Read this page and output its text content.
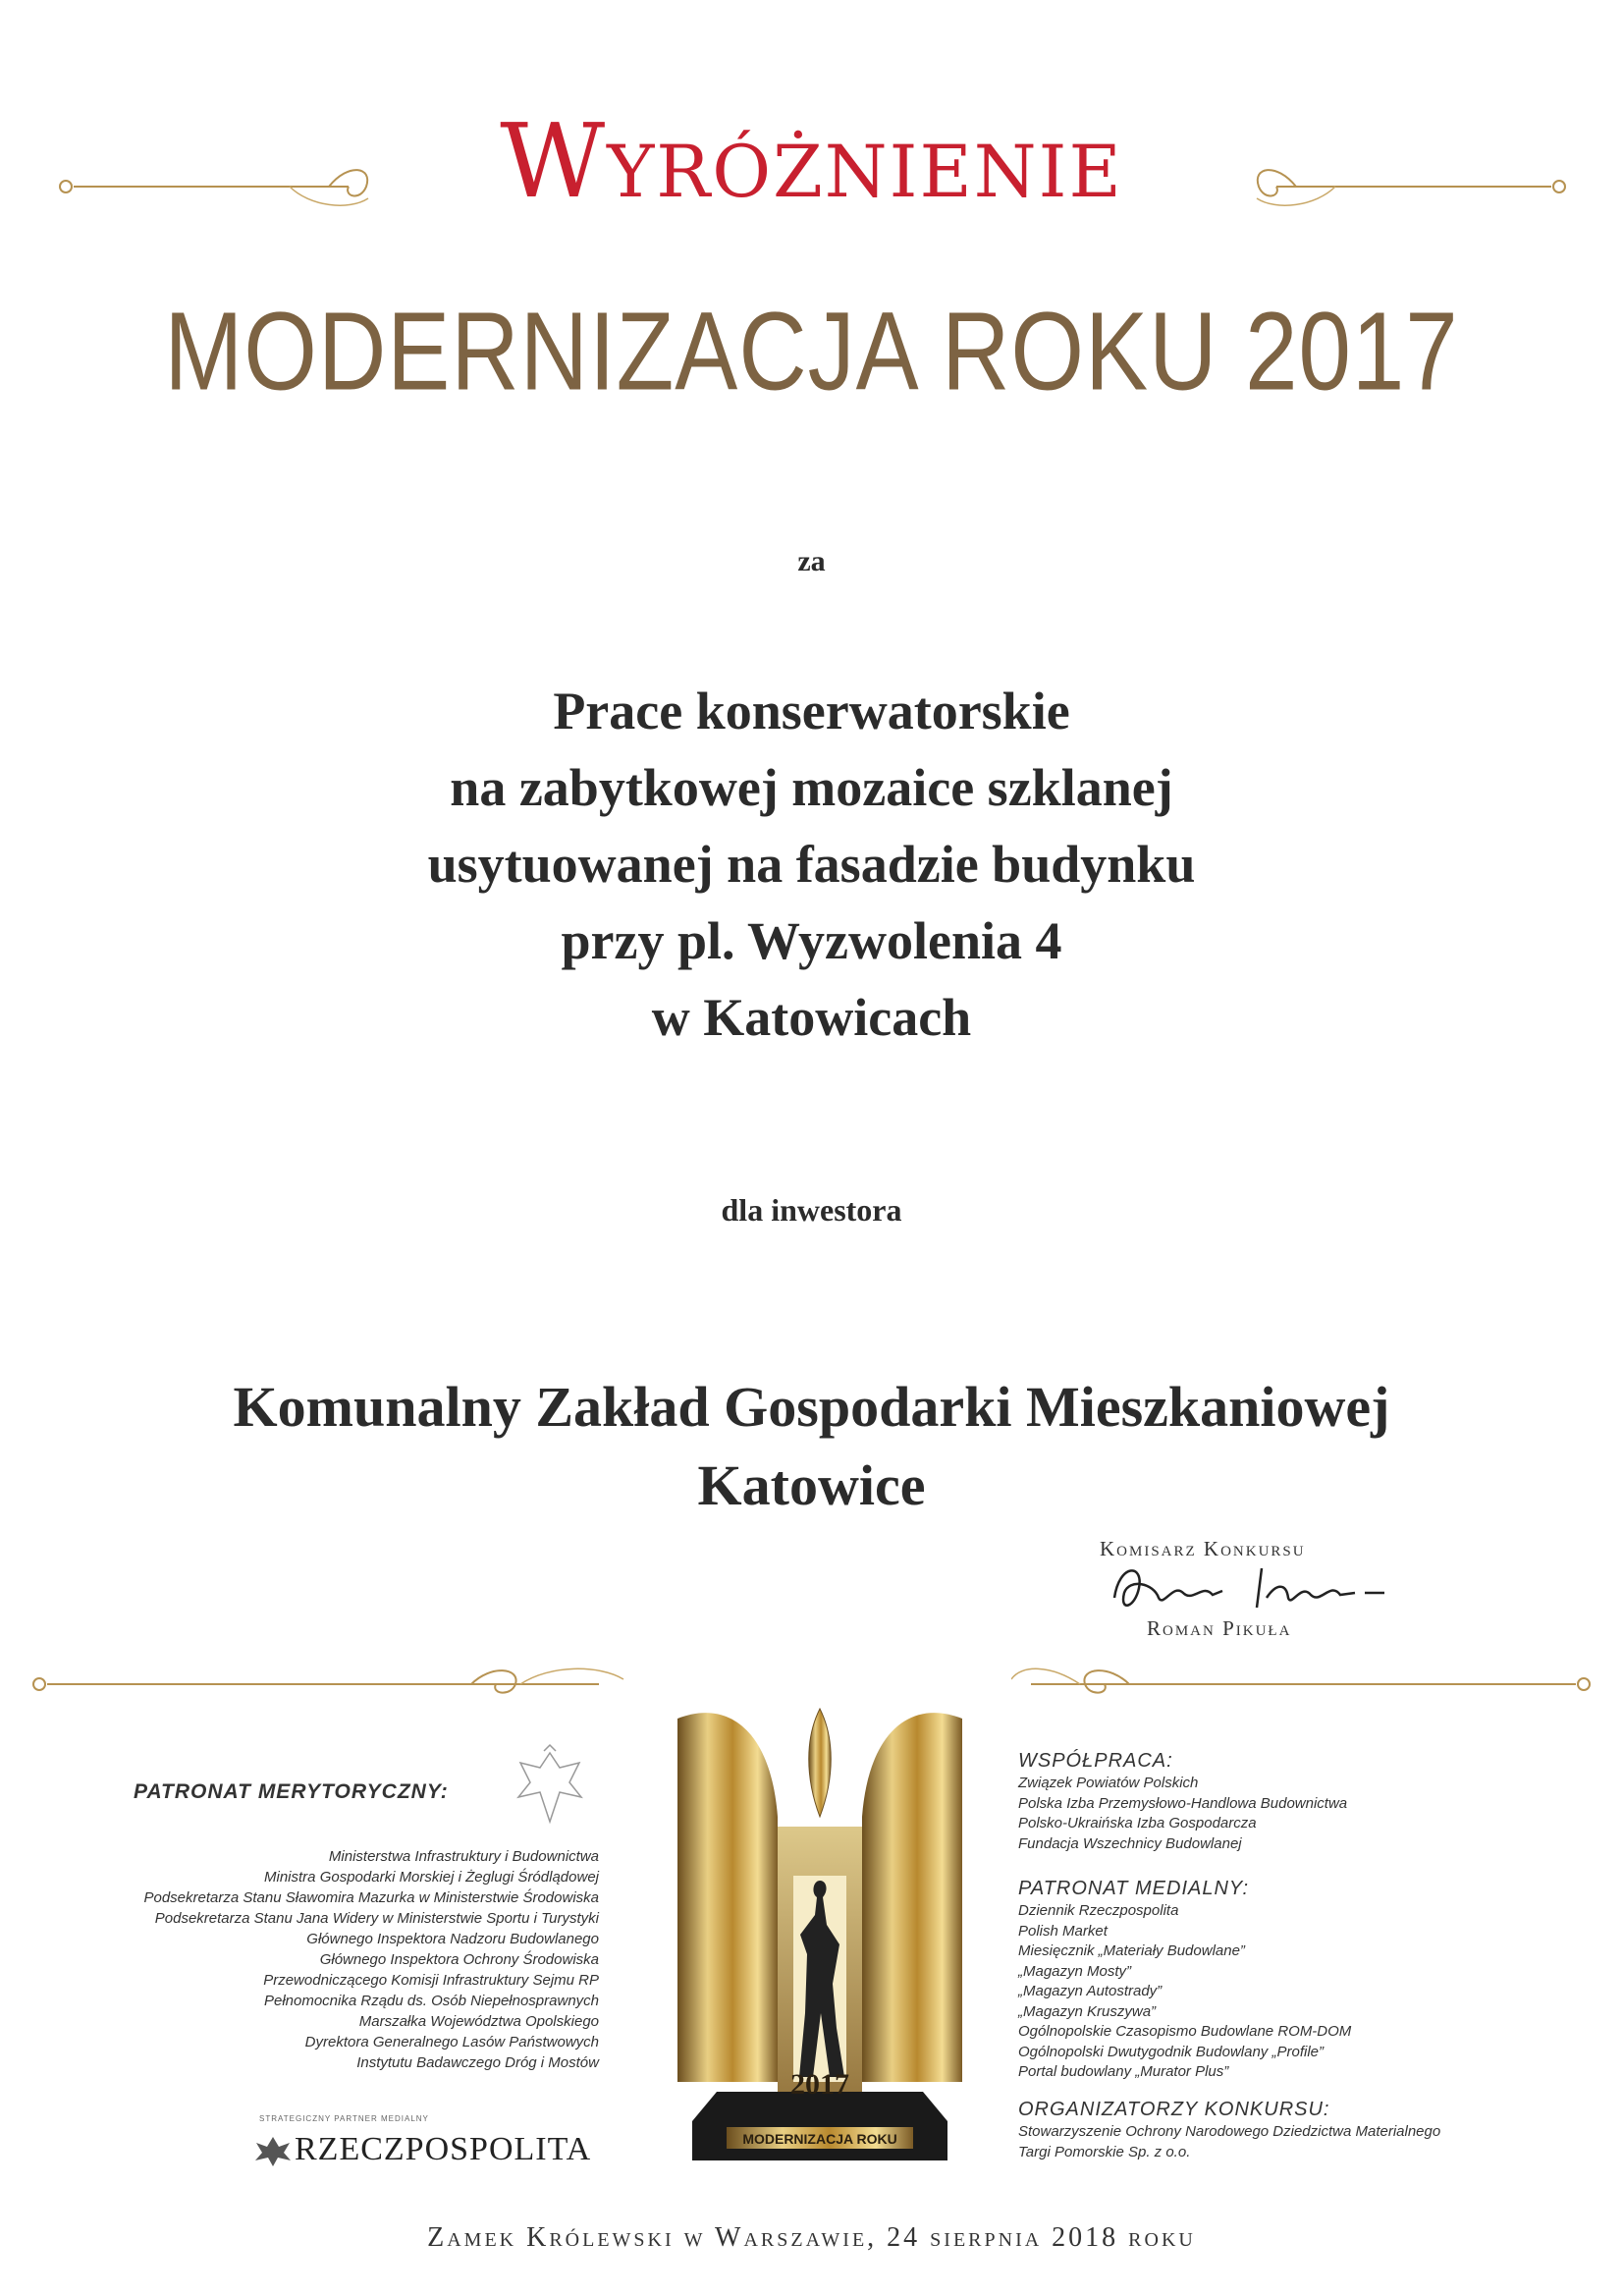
Wyróżnienie
MODERNIZACJA ROKU 2017
za
Prace konserwatorskie
na zabytkowej mozaice szklanej
usytuowanej na fasadzie budynku
przy pl. Wyzwolenia 4
w Katowicach
dla inwestora
Komunalny Zakład Gospodarki Mieszkaniowej
Katowice
Komisarz Konkursu
Roman Pikuła
PATRONAT MERYTORYCZNY:
Ministerstwa Infrastruktury i Budownictwa
Ministra Gospodarki Morskiej i Żeglugi Śródlądowej
Podsekretarza Stanu Sławomira Mazurka w Ministerstwie Środowiska
Podsekretarza Stanu Jana Widery w Ministerstwie Sportu i Turystyki
Głównego Inspektora Nadzoru Budowlanego
Głównego Inspektora Ochrony Środowiska
Przewodniczącego Komisji Infrastruktury Sejmu RP
Pełnomocnika Rządu ds. Osób Niepełnosprawnych
Marszałka Województwa Opolskiego
Dyrektora Generalnego Lasów Państwowych
Instytutu Badawczego Dróg i Mostów
STRATEGICZNY PARTNER MEDIALNY
RZECZPOSPOLITA
2017
MODERNIZACJA ROKU
WSPÓŁPRACA:
Związek Powiatów Polskich
Polska Izba Przemysłowo-Handlowa Budownictwa
Polsko-Ukraińska Izba Gospodarcza
Fundacja Wszechnicy Budowlanej
PATRONAT MEDIALNY:
Dziennik Rzeczpospolita
Polish Market
Miesięcznik „Materiały Budowlane”
„Magazyn Mosty”
„Magazyn Autostrady”
„Magazyn Kruszywa”
Ogólnopolskie Czasopismo Budowlane ROM-DOM
Ogólnopolski Dwutygodnik Budowlany „Profile”
Portal budowlany „Murator Plus”
ORGANIZATORZY KONKURSU:
Stowarzyszenie Ochrony Narodowego Dziedzictwa Materialnego
Targi Pomorskie Sp. z o.o.
Zamek Królewski w Warszawie, 24 sierpnia 2018 roku
